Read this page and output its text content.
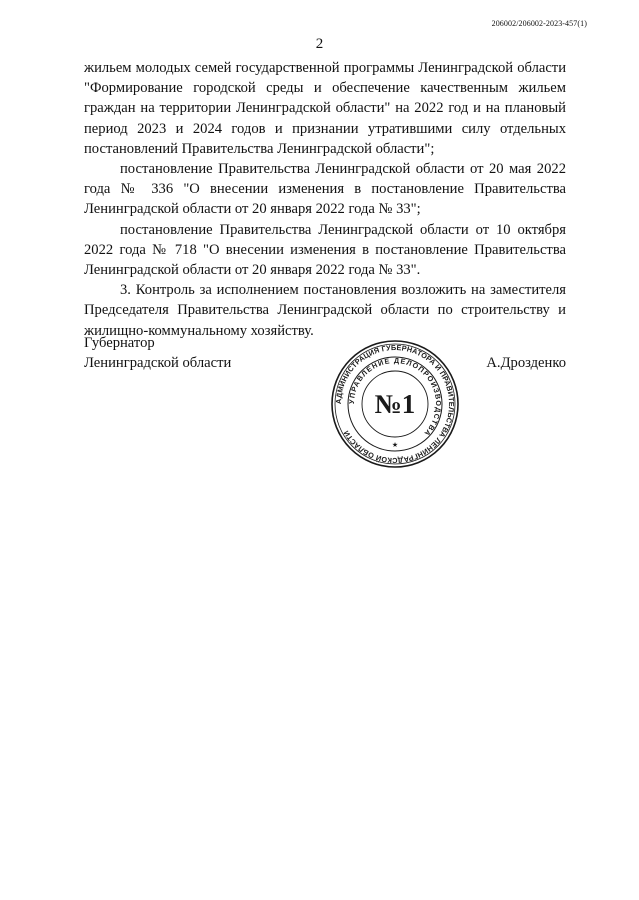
206002/206002-2023-457(1)
2

жильем молодых семей государственной программы Ленинградской области "Формирование городской среды и обеспечение качественным жильем граждан на территории Ленинградской области" на 2022 год и на плановый период 2023 и 2024 годов и признании утратившими силу отдельных постановлений Правительства Ленинградской области";

постановление Правительства Ленинградской области от 20 мая 2022 года № 336 "О внесении изменения в постановление Правительства Ленинградской области от 20 января 2022 года № 33";

постановление Правительства Ленинградской области от 10 октября 2022 года № 718 "О внесении изменения в постановление Правительства Ленинградской области от 20 января 2022 года № 33".

3. Контроль за исполнением постановления возложить на заместителя Председателя Правительства Ленинградской области по строительству и жилищно-коммунальному хозяйству.

Губернатор
Ленинградской области
АДМИНИСТРАЦИЯ ГУБЕРНАТОРА И ПРАВИТЕЛЬСТВА ЛЕНИНГРАДСКОЙ ОБЛАСТИ
УПРАВЛЕНИЕ ДЕЛОПРОИЗВОДСТВА
№1
★
А.Дрозденко
